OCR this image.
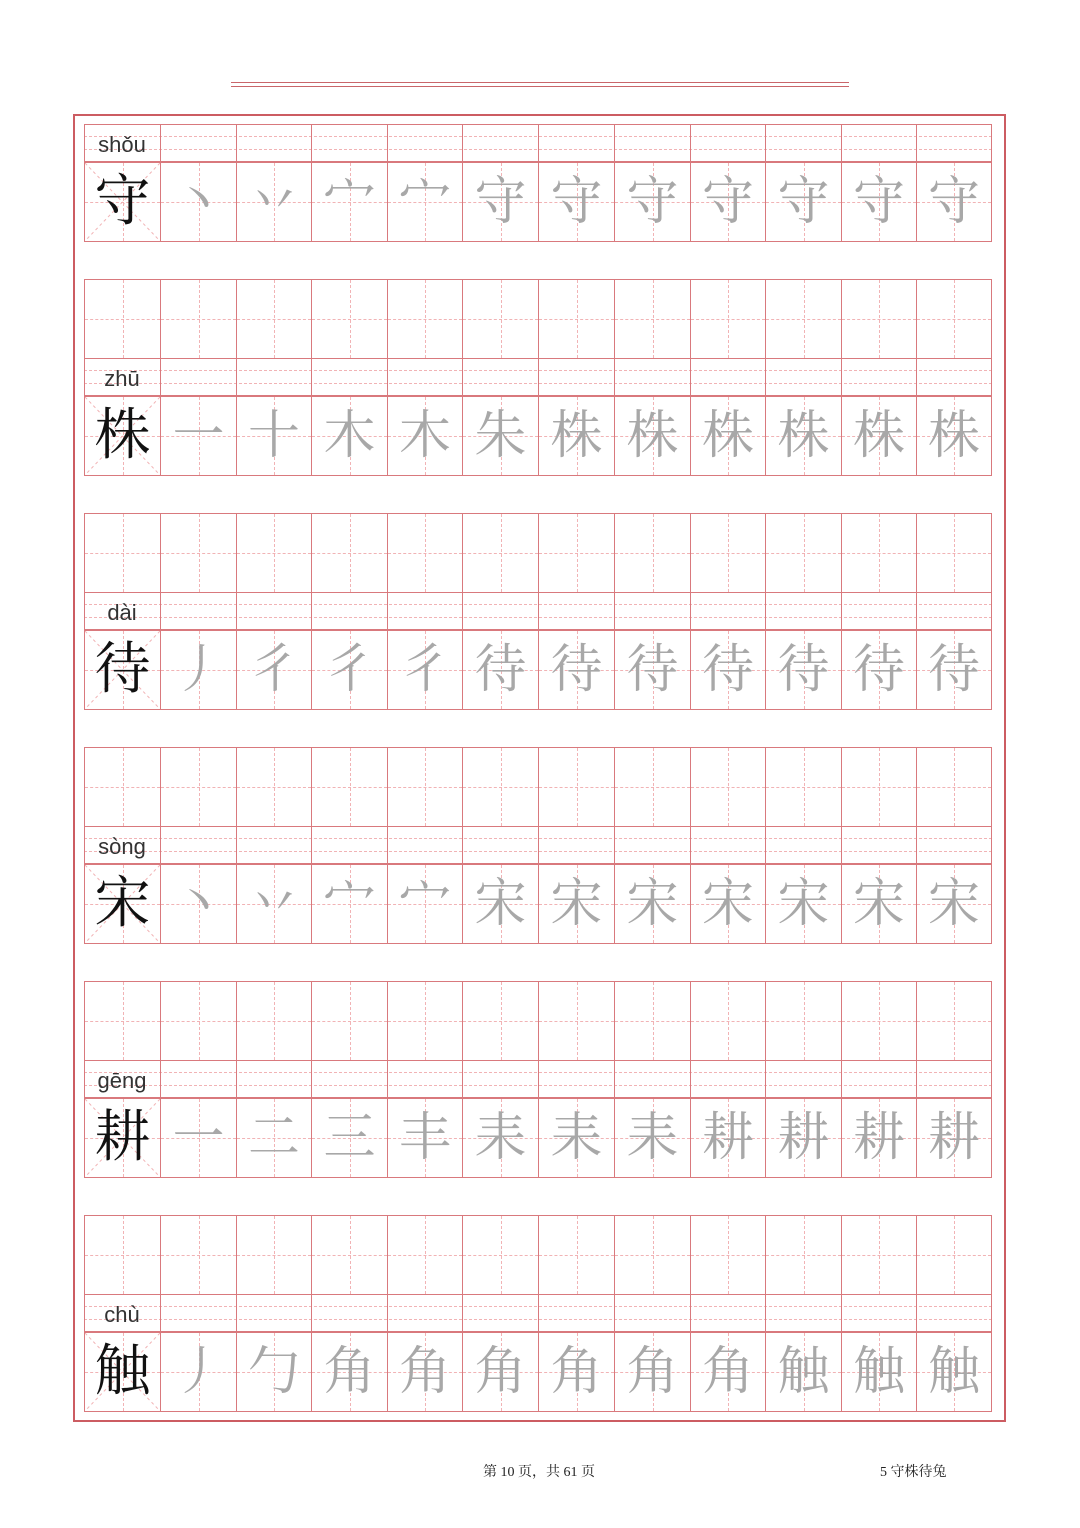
shǒu
守 丶 丷 宀 宀 守 守 守 守 守 守 守
zhū
株 一 十 木 木 朱 株 株 株 株 株 株
dài
待 丿 彳 彳 彳 待 待 待 待 待 待 待
sòng
宋 丶 丷 宀 宀 宋 宋 宋 宋 宋 宋 宋
gēng
耕 一 二 三 丰 耒 耒 耒 耕 耕 耕 耕
chù
触 丿 勹 角 角 角 角 角 角 触 触 触
第 10 页，共 61 页	5 守株待兔
